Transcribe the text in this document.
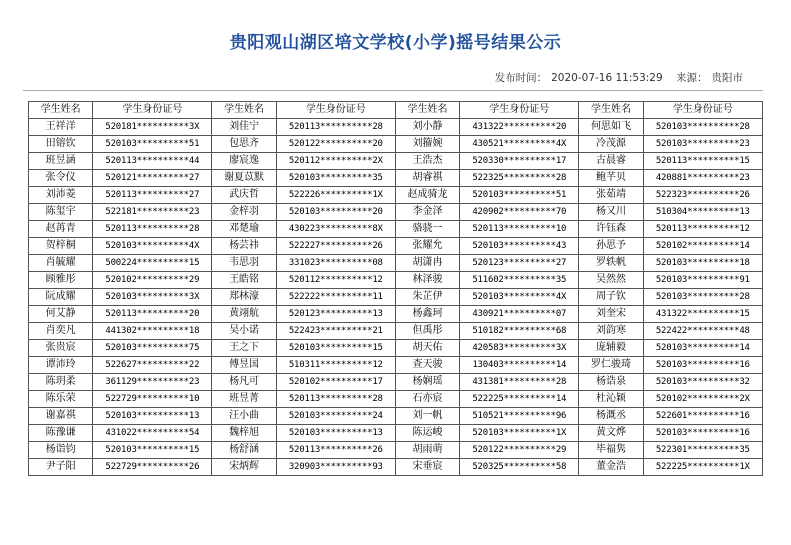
贵阳观山湖区培文学校(小学)摇号结果公示
发布时间： 2020-07-16 11:53:29 来源： 贵阳市
学生姓名	学生身份证号	学生姓名	学生身份证号	学生姓名	学生身份证号	学生姓名	学生身份证号
王祥洋	520181**********3X	刘佳宁	520113**********28	刘小静	431322**********20	何思如飞	520103**********28
田镕钦	520103**********51	包思齐	520122**********20	刘籀婉	430521**********4X	冷茂源	520103**********23
班昱涵	520113**********44	廖宸逸	520112**********2X	王浩杰	520330**********17	古晨睿	520113**********15
张令仪	520121**********27	谢夏苡默	520103**********35	胡睿祺	522325**********28	鲍芊贝	420881**********23
刘沛菱	520113**********27	武庆哲	522226**********1X	赵成骑龙	520103**********51	张茹靖	522323**********26
陈玺宇	522181**********23	金梓羽	520103**********20	李金泽	420902**********70	杨又川	510304**********13
赵苒青	520113**********28	邓楚瑜	430223**********8X	骆骁一	520113**********10	许钰森	520113**********12
贺梓桐	520103**********4X	杨芸祎	522227**********26	张耀允	520103**********43	孙思予	520102**********14
肖毓耀	500224**********15	韦思羽	331023**********08	胡潇冉	520123**********27	罗轶帆	520103**********18
顾雅彤	520102**********29	王皓铭	520112**********12	林泽骏	511602**********35	吴然然	520103**********91
阮成耀	520103**********3X	郑林濠	522222**********11	朱芷伊	520103**********4X	周子钦	520103**********28
何艾静	520113**********20	黄翊航	520123**********13	杨鑫珂	430921**********07	刘奎宋	431322**********15
肖奕凡	441302**********18	吴小诺	522423**********21	但禹彤	510182**********68	刘韵寒	522422**********48
张贵宸	520103**********75	王之下	520103**********15	胡天佑	420583**********3X	庞辅毅	520103**********14
谭沛玲	522627**********22	傅昱国	510311**********12	查天骏	130403**********14	罗仁骏琦	520103**********16
陈玥柔	361129**********23	杨凡可	520102**********17	杨娴瑶	431381**********28	杨诰泉	520103**********32
陈乐荣	522729**********10	班昱菁	520113**********28	石亦宸	522225**********14	杜沁颖	520102**********2X
谢嘉祺	520103**********13	汪小曲	520103**********24	刘一帆	510521**********96	杨溉丞	522601**********16
陈豫谦	431022**********54	魏梓旭	520103**********13	陈运峻	520103**********1X	黄文烨	520103**********16
杨诣钧	520103**********15	杨舒涵	520113**********26	胡雨萌	520122**********29	毕福隽	522301**********35
尹子阳	522729**********26	宋炳辉	320903**********93	宋垂宸	520325**********58	董金浩	522225**********1X
